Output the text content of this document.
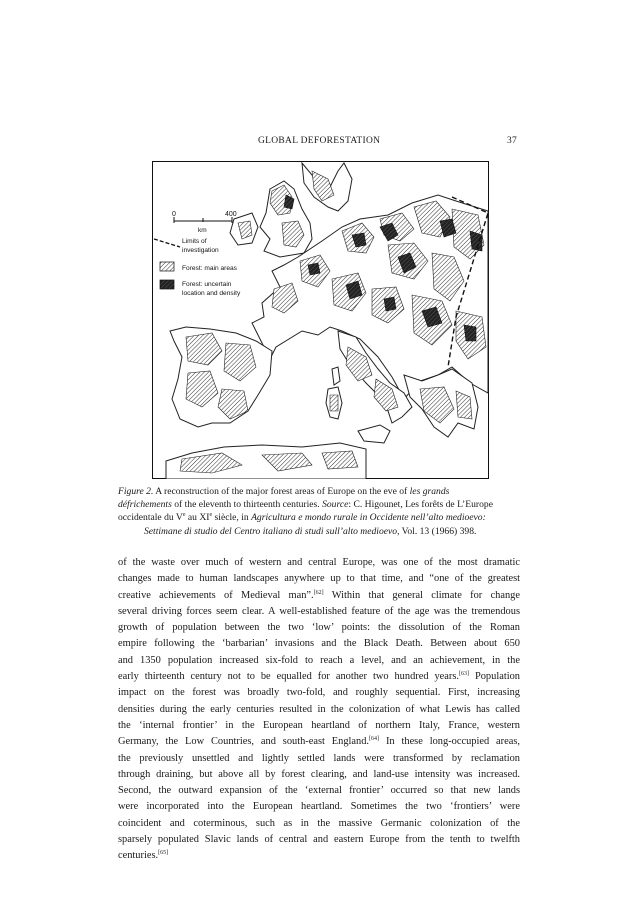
GLOBAL DEFORESTATION	37
0	400
km
Limits of
investigation
Forest: main areas
Forest: uncertain
location and density
Figure 2. A reconstruction of the major forest areas of Europe on the eve of les grands
défrichements of the eleventh to thirteenth centuries. Source: C. Higounet, Les forêts de L’Europe
occidentale du Ve au XIe siècle, in Agricultura e mondo rurale in Occidente nell’alto medioevo:
Settimane di studio del Centro italiano di studi sull’alto medioevo, Vol. 13 (1966) 398.
of the waste over much of western and central Europe, was one of the most dramatic
changes made to human landscapes anywhere up to that time, and “one of the greatest
creative achievements of Medieval man”.[62] Within that general climate for change
several driving forces seem clear. A well-established feature of the age was the tremendous
growth of population between the two ‘low’ points: the dissolution of the Roman
empire following the ‘barbarian’ invasions and the Black Death. Between about 650
and 1350 population increased six-fold to reach a level, and an achievement, in the
early thirteenth century not to be equalled for another two hundred years.[63] Population
impact on the forest was broadly two-fold, and roughly sequential. First, increasing
densities during the early centuries resulted in the colonization of what Lewis has called
the ‘internal frontier’ in the European heartland of northern Italy, France, western
Germany, the Low Countries, and south-east England.[64] In these long-occupied areas,
the previously unsettled and lightly settled lands were transformed by reclamation
through draining, but above all by forest clearing, and land-use intensity was increased.
Second, the outward expansion of the ‘external frontier’ occurred so that new lands
were incorporated into the European heartland. Sometimes the two ‘frontiers’ were
coincident and coterminous, such as in the massive Germanic colonization of the
sparsely populated Slavic lands of central and eastern Europe from the tenth to twelfth
centuries.[65]
